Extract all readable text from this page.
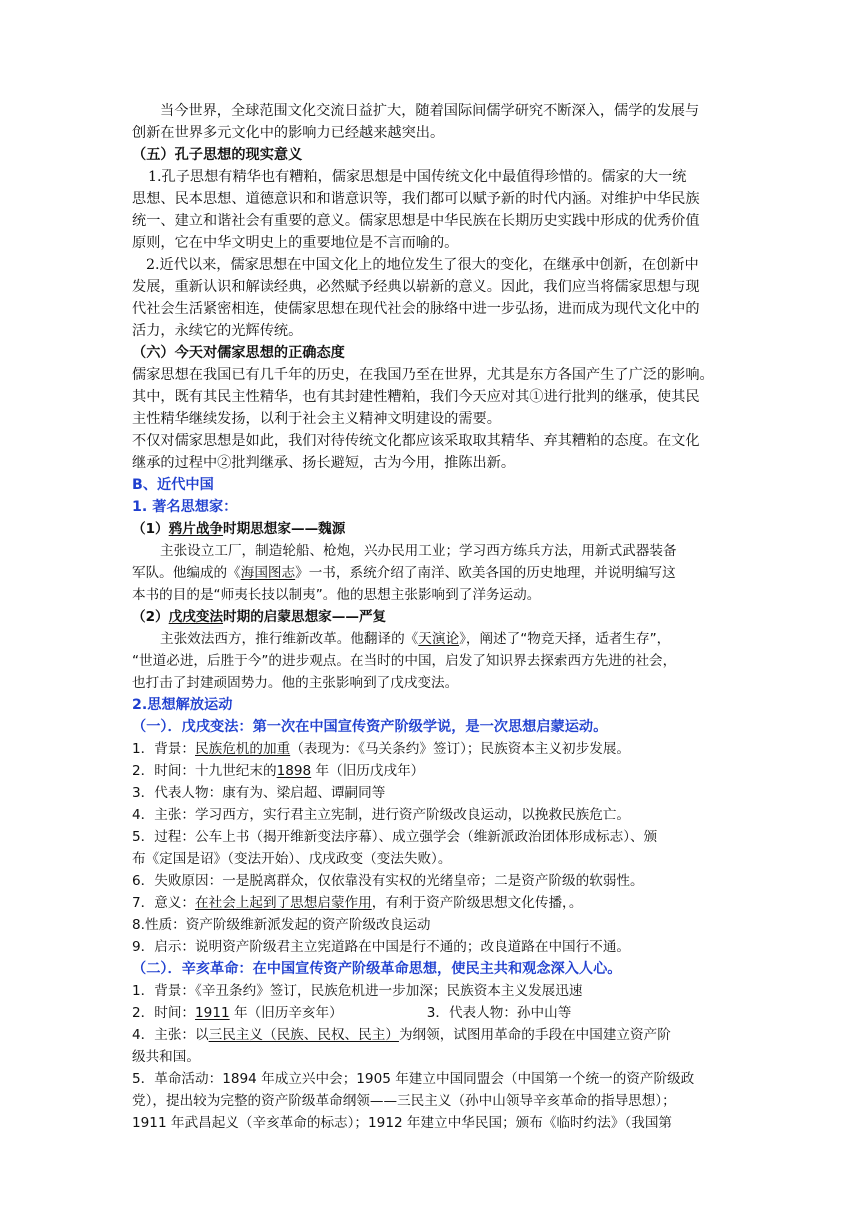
当今世界，全球范围文化交流日益扩大，随着国际间儒学研究不断深入，儒学的发展与
创新在世界多元文化中的影响力已经越来越突出。
（五）孔子思想的现实意义
1.孔子思想有精华也有糟粕，儒家思想是中国传统文化中最值得珍惜的。儒家的大一统
思想、民本思想、道德意识和和谐意识等，我们都可以赋予新的时代内涵。对维护中华民族
统一、建立和谐社会有重要的意义。儒家思想是中华民族在长期历史实践中形成的优秀价值
原则，它在中华文明史上的重要地位是不言而喻的。
2.近代以来，儒家思想在中国文化上的地位发生了很大的变化，在继承中创新，在创新中
发展，重新认识和解读经典，必然赋予经典以崭新的意义。因此，我们应当将儒家思想与现
代社会生活紧密相连，使儒家思想在现代社会的脉络中进一步弘扬，进而成为现代文化中的
活力，永续它的光辉传统。
（六）今天对儒家思想的正确态度
儒家思想在我国已有几千年的历史，在我国乃至在世界，尤其是东方各国产生了广泛的影响。
其中，既有其民主性精华，也有其封建性糟粕，我们今天应对其①进行批判的继承，使其民
主性精华继续发扬，以利于社会主义精神文明建设的需要。
不仅对儒家思想是如此，我们对待传统文化都应该采取取其精华、弃其糟粕的态度。在文化
继承的过程中②批判继承、扬长避短，古为今用，推陈出新。
B、近代中国
1. 著名思想家：
（1）鸦片战争时期思想家——魏源
主张设立工厂，制造轮船、枪炮，兴办民用工业；学习西方练兵方法，用新式武器装备
军队。他编成的《海国图志》一书，系统介绍了南洋、欧美各国的历史地理，并说明编写这
本书的目的是“师夷长技以制夷”。他的思想主张影响到了洋务运动。
（2）戊戌变法时期的启蒙思想家——严复
主张效法西方，推行维新改革。他翻译的《天演论》，阐述了“物竞天择，适者生存”，
“世道必进，后胜于今”的进步观点。在当时的中国，启发了知识界去探索西方先进的社会，
也打击了封建顽固势力。他的主张影响到了戊戌变法。
2.思想解放运动
（一）．戊戌变法：第一次在中国宣传资产阶级学说，是一次思想启蒙运动。
1．背景：民族危机的加重（表现为：《马关条约》签订）；民族资本主义初步发展。
2．时间：十九世纪末的1898 年（旧历戊戌年）
3．代表人物：康有为、梁启超、谭嗣同等
4．主张：学习西方，实行君主立宪制，进行资产阶级改良运动，以挽救民族危亡。
5．过程：公车上书（揭开维新变法序幕）、成立强学会（维新派政治团体形成标志）、颁
布《定国是诏》（变法开始）、戊戌政变（变法失败）。
6．失败原因：一是脱离群众，仅依靠没有实权的光绪皇帝；二是资产阶级的软弱性。
7．意义：在社会上起到了思想启蒙作用，有利于资产阶级思想文化传播，。
8.性质：资产阶级维新派发起的资产阶级改良运动
9．启示：说明资产阶级君主立宪道路在中国是行不通的；改良道路在中国行不通。
（二）．辛亥革命：在中国宣传资产阶级革命思想，使民主共和观念深入人心。
1．背景：《辛丑条约》签订，民族危机进一步加深；民族资本主义发展迅速
2．时间：1911 年（旧历辛亥年）	3．代表人物：孙中山等
4．主张：以三民主义（民族、民权、民主）为纲领，试图用革命的手段在中国建立资产阶
级共和国。
5．革命活动：1894 年成立兴中会；1905 年建立中国同盟会（中国第一个统一的资产阶级政
党），提出较为完整的资产阶级革命纲领——三民主义（孙中山领导辛亥革命的指导思想）；
1911 年武昌起义（辛亥革命的标志）；1912 年建立中华民国；颁布《临时约法》（我国第
